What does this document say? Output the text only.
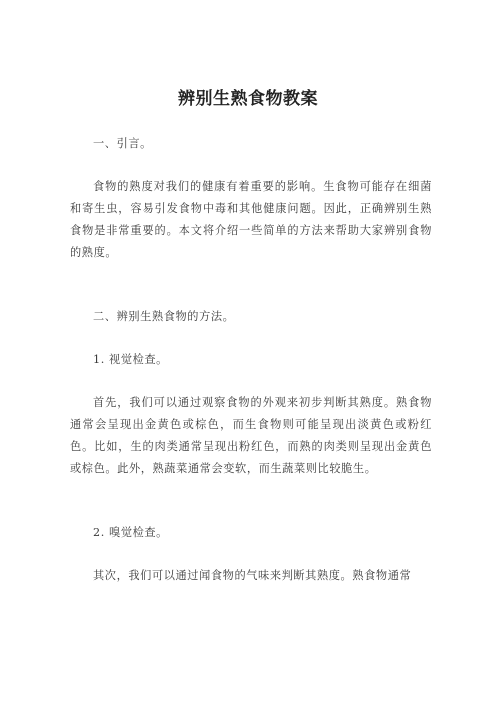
辨别生熟食物教案
一、引言。
食物的熟度对我们的健康有着重要的影响。生食物可能存在细菌和寄生虫，容易引发食物中毒和其他健康问题。因此，正确辨别生熟食物是非常重要的。本文将介绍一些简单的方法来帮助大家辨别食物的熟度。
二、辨别生熟食物的方法。
1. 视觉检查。
首先，我们可以通过观察食物的外观来初步判断其熟度。熟食物通常会呈现出金黄色或棕色，而生食物则可能呈现出淡黄色或粉红色。比如，生的肉类通常呈现出粉红色，而熟的肉类则呈现出金黄色或棕色。此外，熟蔬菜通常会变软，而生蔬菜则比较脆生。
2. 嗅觉检查。
其次，我们可以通过闻食物的气味来判断其熟度。熟食物通常
